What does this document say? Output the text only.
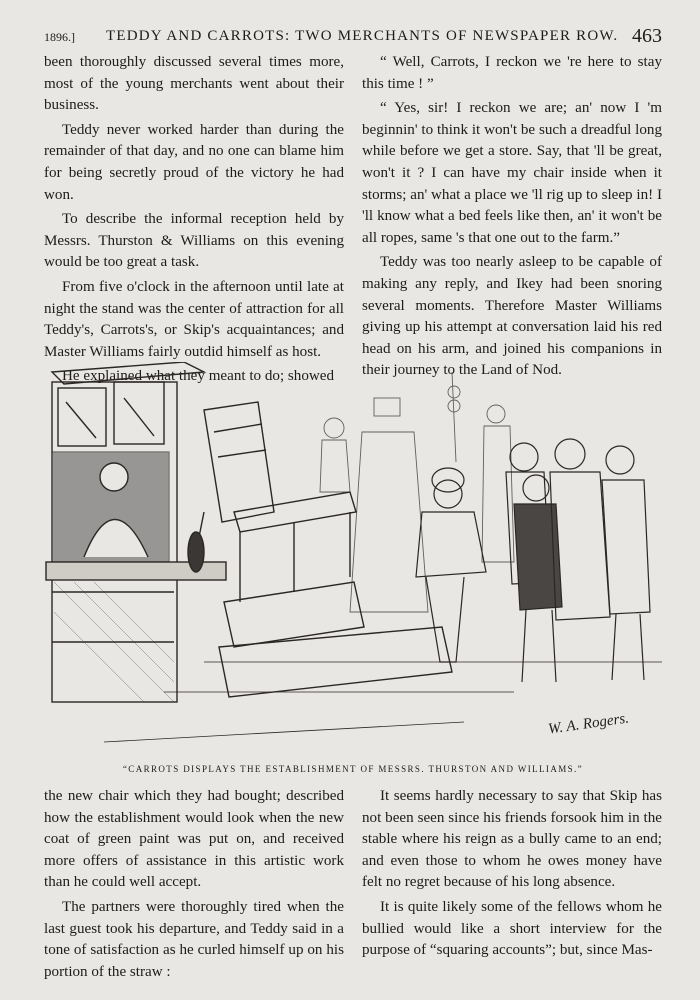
1896.] TEDDY AND CARROTS: TWO MERCHANTS OF NEWSPAPER ROW. 463

been thoroughly discussed several times more, most of the young merchants went about their business.

Teddy never worked harder than during the remainder of that day, and no one can blame him for being secretly proud of the victory he had won.

To describe the informal reception held by Messrs. Thurston & Williams on this evening would be too great a task.

From five o'clock in the afternoon until late at night the stand was the center of attraction for all Teddy's, Carrots's, or Skip's acquaintances; and Master Williams fairly outdid himself as host.

He explained what they meant to do; showed

“ Well, Carrots, I reckon we 're here to stay this time ! ”

“ Yes, sir! I reckon we are; an' now I 'm beginnin' to think it won't be such a dreadful long while before we get a store. Say, that 'll be great, won't it ? I can have my chair inside when it storms; an' what a place we 'll rig up to sleep in! I 'll know what a bed feels like then, an' it won't be all ropes, same 's that one out to the farm.”

Teddy was too nearly asleep to be capable of making any reply, and Ikey had been snoring several moments. Therefore Master Williams giving up his attempt at conversation laid his red head on his arm, and joined his companions in their journey to the Land of Nod.

W. A. Rogers.
“CARROTS DISPLAYS THE ESTABLISHMENT OF MESSRS. THURSTON AND WILLIAMS.”

the new chair which they had bought; described how the establishment would look when the new coat of green paint was put on, and received more offers of assistance in this artistic work than he could well accept.

The partners were thoroughly tired when the last guest took his departure, and Teddy said in a tone of satisfaction as he curled himself up on his portion of the straw :

It seems hardly necessary to say that Skip has not been seen since his friends forsook him in the stable where his reign as a bully came to an end; and even those to whom he owes money have felt no regret because of his long absence.

It is quite likely some of the fellows whom he bullied would like a short interview for the purpose of “squaring accounts”; but, since Mas-
